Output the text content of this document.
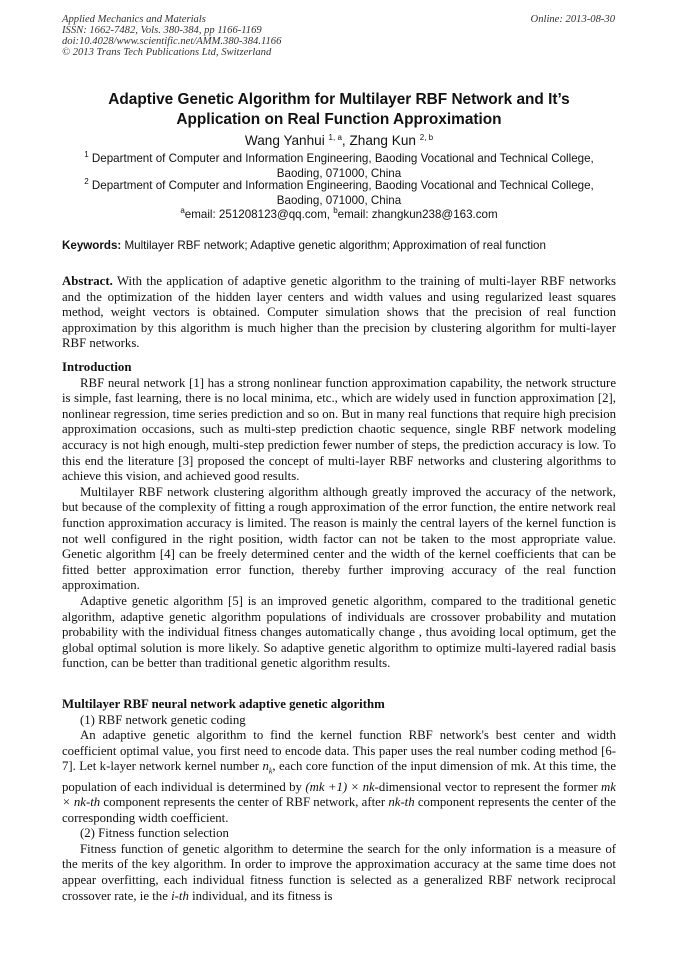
Applied Mechanics and Materials
ISSN: 1662-7482, Vols. 380-384, pp 1166-1169
doi:10.4028/www.scientific.net/AMM.380-384.1166
© 2013 Trans Tech Publications Ltd, Switzerland
Online: 2013-08-30
Adaptive Genetic Algorithm for Multilayer RBF Network and It’s
Application on Real Function Approximation
Wang Yanhui $^{1, a}$, Zhang Kun $^{2, b}$
$^1$ Department of Computer and Information Engineering, Baoding Vocational and Technical College,
Baoding, 071000, China
$^2$ Department of Computer and Information Engineering, Baoding Vocational and Technical College,
Baoding, 071000, China
$^a$email: 251208123@qq.com, $^b$email: zhangkun238@163.com
Keywords: Multilayer RBF network; Adaptive genetic algorithm; Approximation of real function

Abstract. With the application of adaptive genetic algorithm to the training of multi-layer RBF networks and the optimization of the hidden layer centers and width values and using regularized least squares method, weight vectors is obtained. Computer simulation shows that the precision of real function approximation by this algorithm is much higher than the precision by clustering algorithm for multi-layer RBF networks.

Introduction

RBF neural network [1] has a strong nonlinear function approximation capability, the network structure is simple, fast learning, there is no local minima, etc., which are widely used in function approximation [2], nonlinear regression, time series prediction and so on. But in many real functions that require high precision approximation occasions, such as multi-step prediction chaotic sequence, single RBF network modeling accuracy is not high enough, multi-step prediction fewer number of steps, the prediction accuracy is low. To this end the literature [3] proposed the concept of multi-layer RBF networks and clustering algorithms to achieve this vision, and achieved good results.

Multilayer RBF network clustering algorithm although greatly improved the accuracy of the network, but because of the complexity of fitting a rough approximation of the error function, the entire network real function approximation accuracy is limited. The reason is mainly the central layers of the kernel function is not well configured in the right position, width factor can not be taken to the most appropriate value. Genetic algorithm [4] can be freely determined center and the width of the kernel coefficients that can be fitted better approximation error function, thereby further improving accuracy of the real function approximation.

Adaptive genetic algorithm [5] is an improved genetic algorithm, compared to the traditional genetic algorithm, adaptive genetic algorithm populations of individuals are crossover probability and mutation probability with the individual fitness changes automatically change , thus avoiding local optimum, get the global optimal solution is more likely. So adaptive genetic algorithm to optimize multi-layered radial basis function, can be better than traditional genetic algorithm results.

Multilayer RBF neural network adaptive genetic algorithm

(1) RBF network genetic coding

An adaptive genetic algorithm to find the kernel function RBF network's best center and width coefficient optimal value, you first need to encode data. This paper uses the real number coding method [6-7]. Let k-layer network kernel number $n_k$, each core function of the input dimension of mk. At this time, the population of each individual is determined by (mk +1) × nk-dimensional vector to represent the former mk × nk-th component represents the center of RBF network, after nk-th component represents the center of the corresponding width coefficient.

(2) Fitness function selection

Fitness function of genetic algorithm to determine the search for the only information is a measure of the merits of the key algorithm. In order to improve the approximation accuracy at the same time does not appear overfitting, each individual fitness function is selected as a generalized RBF network reciprocal crossover rate, ie the i-th individual, and its fitness is
